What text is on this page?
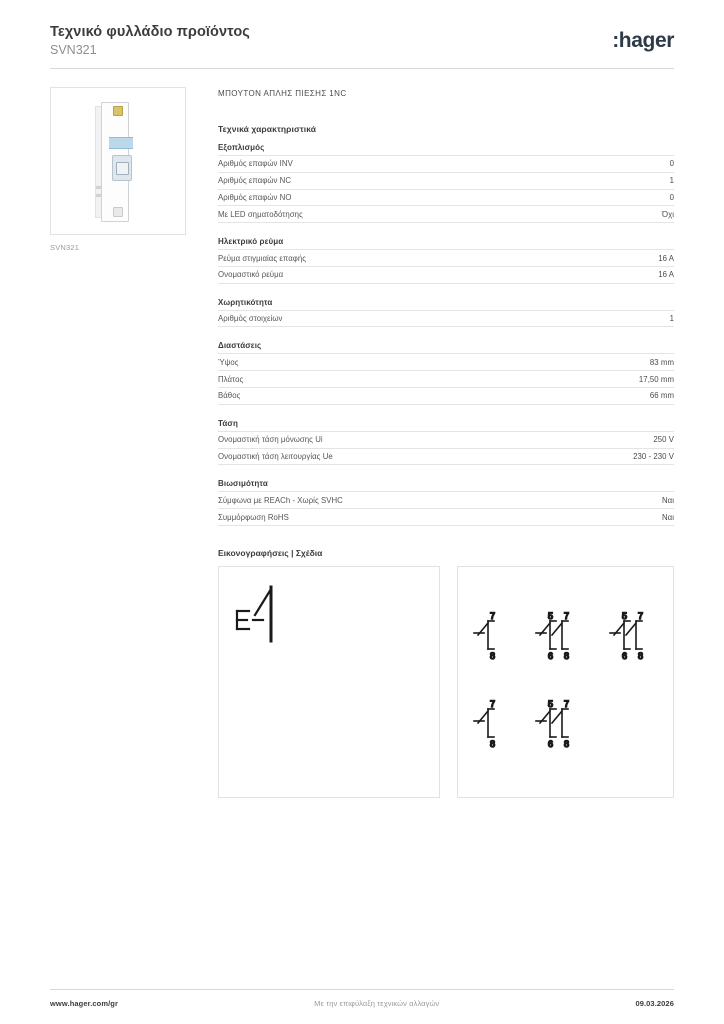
Τεχνικό φυλλάδιο προϊόντος
SVN321	:hager
SVN321
ΜΠΟΥΤΟΝ ΑΠΛΗΣ ΠΙΕΣΗΣ 1NC
Τεχνικά χαρακτηριστικά
Εξοπλισμός
Αριθμός επαφών INV	0
Αριθμός επαφών NC	1
Αριθμός επαφών NO	0
Με LED σηματοδότησης	Όχι
Ηλεκτρικό ρεύμα
Ρεύμα στιγμιαίας επαφής	16 A
Ονομαστικό ρεύμα	16 A
Χωρητικότητα
Αριθμός στοιχείων	1
Διαστάσεις
Ύψος	83 mm
Πλάτος	17,50 mm
Βάθος	66 mm
Τάση
Ονομαστική τάση μόνωσης Ui	250 V
Ονομαστική τάση λειτουργίας Ue	230 - 230 V
Βιωσιμότητα
Σύμφωνα με REACh - Χωρίς SVHC	Ναι
Συμμόρφωση RoHS	Ναι
Εικονογραφήσεις | Σχέδια
7
8
5 7
6 8
5 7
6 8
7
8
5 7
6 8
www.hager.com/gr	Με την επιφύλαξη τεχνικών αλλαγών	09.03.2026
